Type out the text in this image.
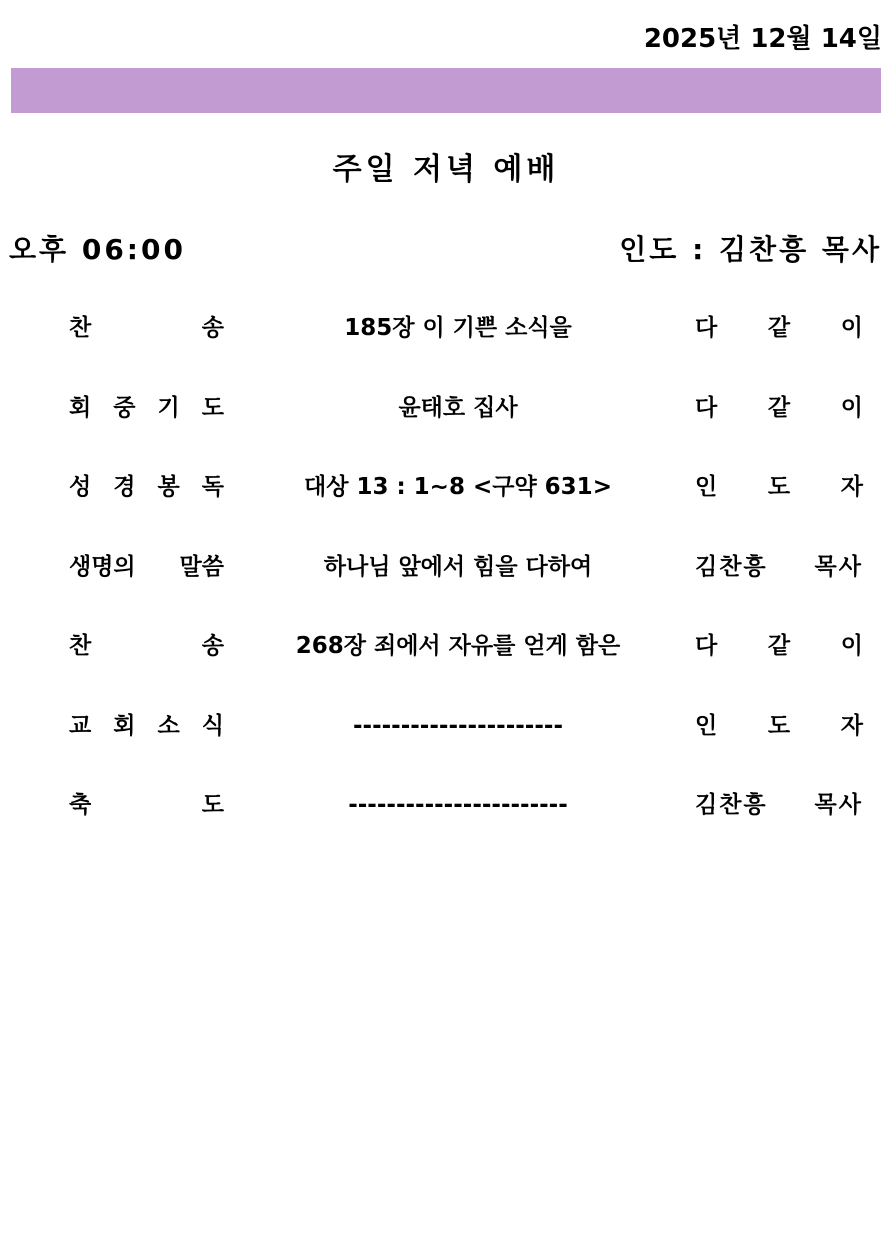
2025년 12월 14일
주일 저녁 예배
오후 06:00	인도 : 김찬흥 목사
찬 송	185장 이 기쁜 소식을	다 같 이
회 중 기 도	윤태호 집사	다 같 이
성 경 봉 독	대상 13 : 1~8 <구약 631>	인 도 자
생명의 말씀	하나님 앞에서 힘을 다하여	김찬흥 목사
찬 송	268장 죄에서 자유를 얻게 함은	다 같 이
교 회 소 식	----------------------	인 도 자
축 도	-----------------------	김찬흥 목사
